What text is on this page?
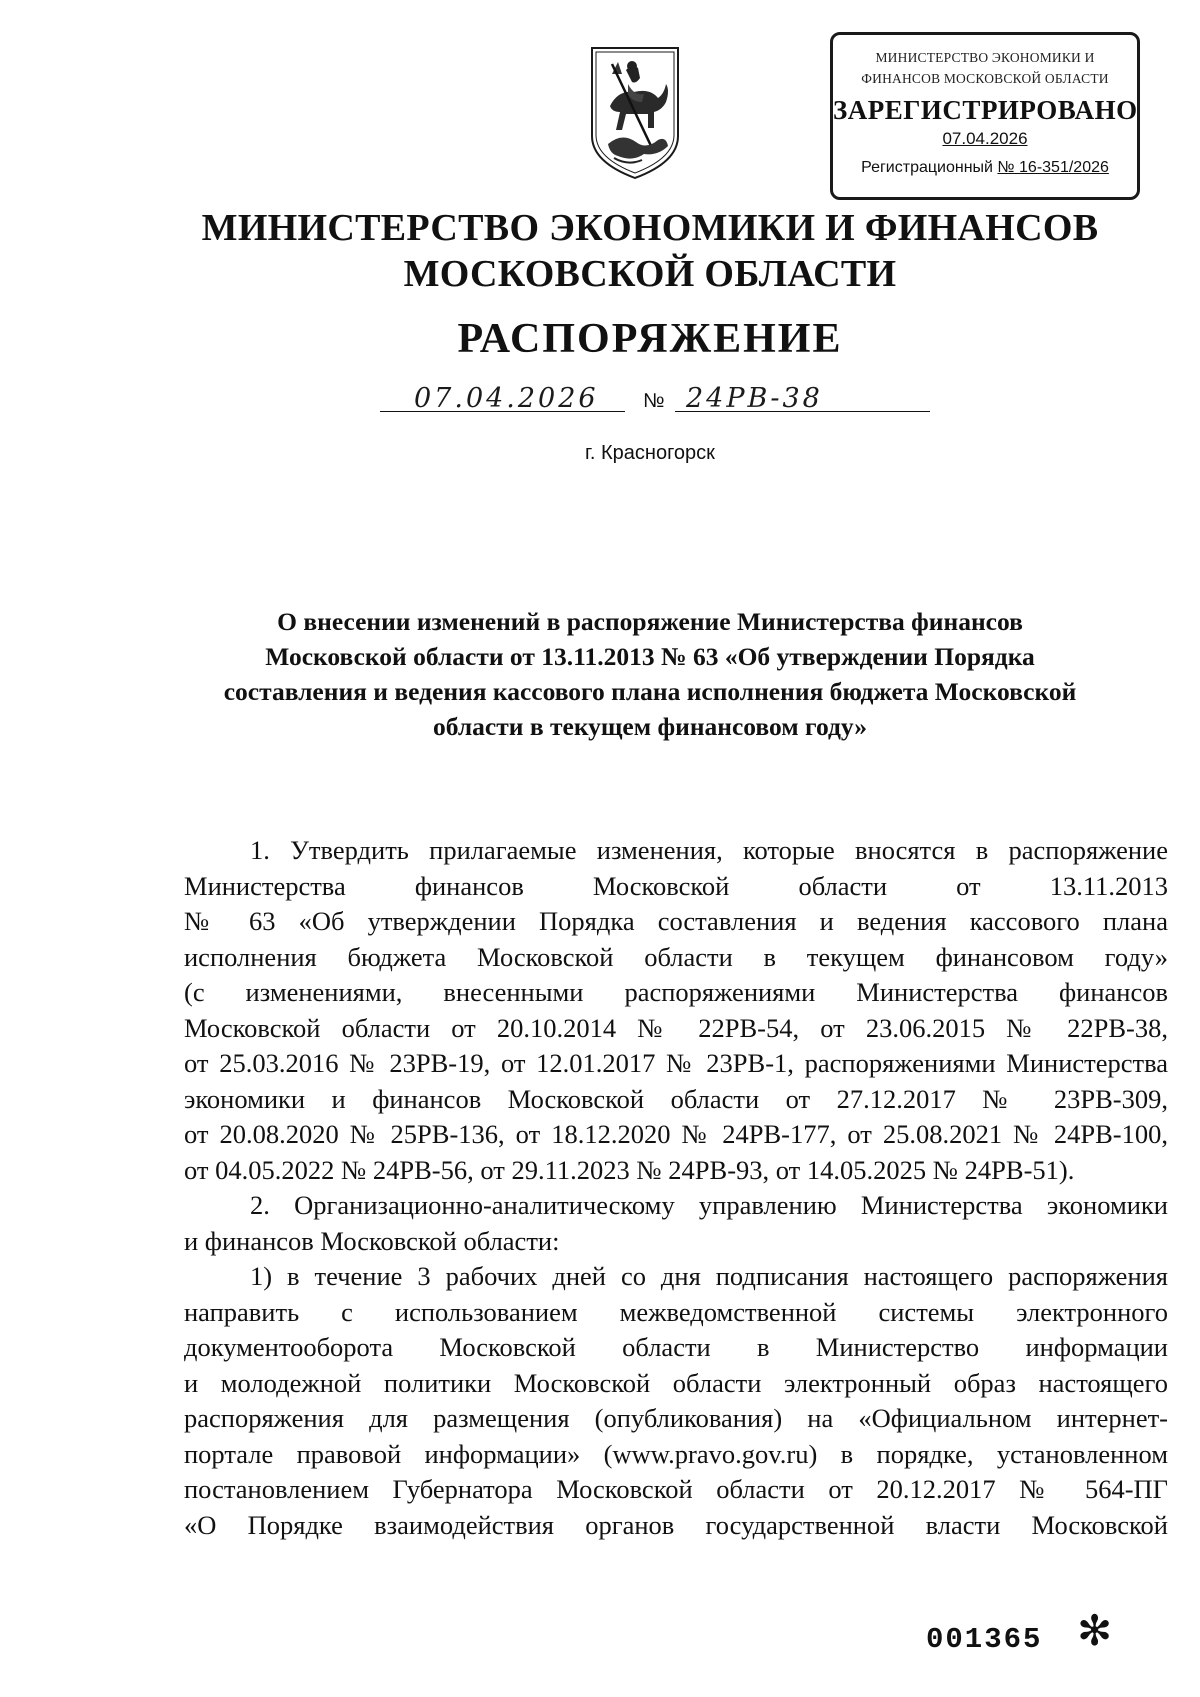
МИНИСТЕРСТВО ЭКОНОМИКИ И
ФИНАНСОВ МОСКОВСКОЙ ОБЛАСТИ
ЗАРЕГИСТРИРОВАНО
07.04.2026
Регистрационный № 16-351/2026
МИНИСТЕРСТВО ЭКОНОМИКИ И ФИНАНСОВ
МОСКОВСКОЙ ОБЛАСТИ
РАСПОРЯЖЕНИЕ
07.04.2026 № 24РВ-38
г. Красногорск
О внесении изменений в распоряжение Министерства финансов
Московской области от 13.11.2013 № 63 «Об утверждении Порядка
составления и ведения кассового плана исполнения бюджета Московской
области в текущем финансовом году»
1. Утвердить прилагаемые изменения, которые вносятся в распоряжение
Министерства финансов Московской области от 13.11.2013
№ 63 «Об утверждении Порядка составления и ведения кассового плана
исполнения бюджета Московской области в текущем финансовом году»
(с изменениями, внесенными распоряжениями Министерства финансов
Московской области от 20.10.2014 № 22РВ-54, от 23.06.2015 № 22РВ-38,
от 25.03.2016 № 23РВ-19, от 12.01.2017 № 23РВ-1, распоряжениями Министерства
экономики и финансов Московской области от 27.12.2017 № 23РВ-309,
от 20.08.2020 № 25РВ-136, от 18.12.2020 № 24РВ-177, от 25.08.2021 № 24РВ-100,
от 04.05.2022 № 24РВ-56, от 29.11.2023 № 24РВ-93, от 14.05.2025 № 24РВ-51).
2. Организационно-аналитическому управлению Министерства экономики
и финансов Московской области:
1) в течение 3 рабочих дней со дня подписания настоящего распоряжения
направить с использованием межведомственной системы электронного
документооборота Московской области в Министерство информации
и молодежной политики Московской области электронный образ настоящего
распоряжения для размещения (опубликования) на «Официальном интернет-
портале правовой информации» (www.pravo.gov.ru) в порядке, установленном
постановлением Губернатора Московской области от 20.12.2017 № 564-ПГ
«О Порядке взаимодействия органов государственной власти Московской
001365 ✻
